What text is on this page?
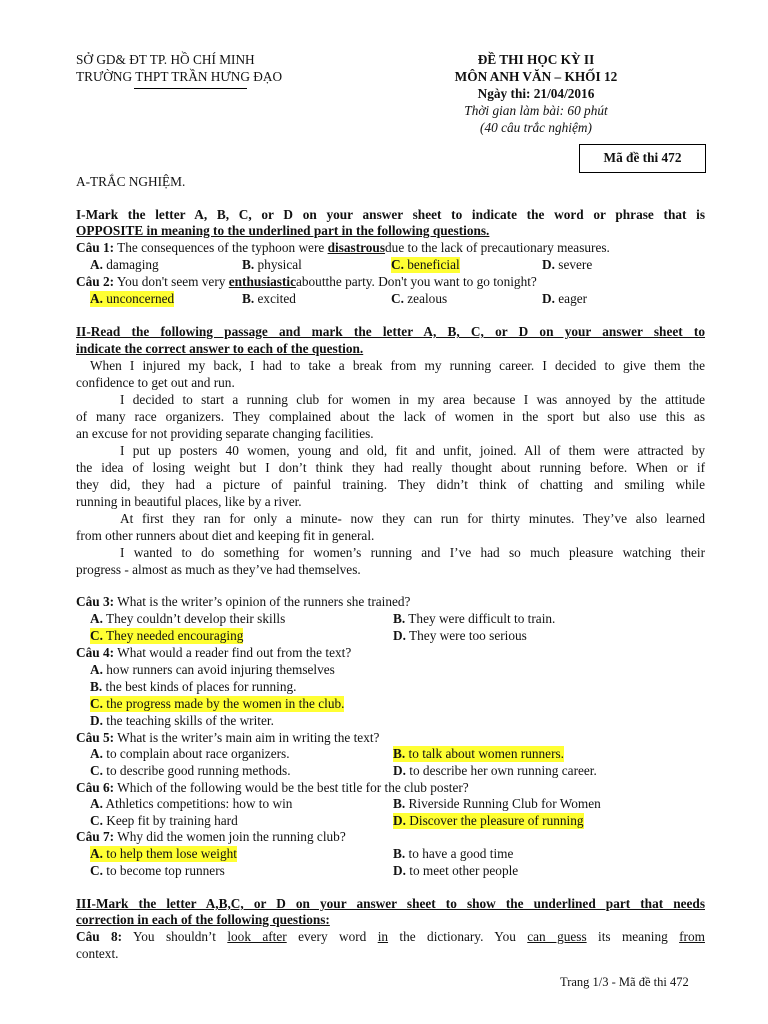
SỞ GD& ĐT TP. HỒ CHÍ MINH
TRƯỜNG THPT TRẦN HƯNG ĐẠO
ĐỀ THI HỌC KỲ II
MÔN ANH VĂN – KHỐI 12
Ngày thi: 21/04/2016
Thời gian làm bài: 60 phút
(40 câu trắc nghiệm)
Mã đề thi 472
A-TRẮC NGHIỆM.
I-Mark the letter A, B, C, or D on your answer sheet to indicate the word or phrase that is
OPPOSITE in meaning to the underlined part in the following questions.
Câu 1: The consequences of the typhoon were disastrousdue to the lack of precautionary measures.
A. damaging	B. physical	C. beneficial	D. severe
Câu 2: You don't seem very enthusiasticaboutthe party. Don't you want to go tonight?
A. unconcerned	B. excited	C. zealous	D. eager
II-Read the following passage and mark the letter A, B, C, or D on your answer sheet to
indicate the correct answer to each of the question.
When I injured my back, I had to take a break from my running career. I decided to give them the
confidence to get out and run.
I decided to start a running club for women in my area because I was annoyed by the attitude
of many race organizers. They complained about the lack of women in the sport but also use this as
an excuse for not providing separate changing facilities.
I put up posters 40 women, young and old, fit and unfit, joined. All of them were attracted by
the idea of losing weight but I don’t think they had really thought about running before. When or if
they did, they had a picture of painful training. They didn’t think of chatting and smiling while
running in beautiful places, like by a river.
At first they ran for only a minute- now they can run for thirty minutes. They’ve also learned
from other runners about diet and keeping fit in general.
I wanted to do something for women’s running and I’ve had so much pleasure watching their
progress - almost as much as they’ve had themselves.
Câu 3: What is the writer’s opinion of the runners she trained?
A. They couldn’t develop their skills	B. They were difficult to train.
C. They needed encouraging	D. They were too serious
Câu 4: What would a reader find out from the text?
A. how runners can avoid injuring themselves
B. the best kinds of places for running.
C. the progress made by the women in the club.
D. the teaching skills of the writer.
Câu 5: What is the writer’s main aim in writing the text?
A. to complain about race organizers.	B. to talk about women runners.
C. to describe good running methods.	D. to describe her own running career.
Câu 6: Which of the following would be the best title for the club poster?
A. Athletics competitions: how to win	B. Riverside Running Club for Women
C. Keep fit by training hard	D. Discover the pleasure of running
Câu 7: Why did the women join the running club?
A. to help them lose weight	B. to have a good time
C. to become top runners	D. to meet other people
III-Mark the letter A,B,C, or D on your answer sheet to show the underlined part that needs
correction in each of the following questions:
Câu 8: You shouldn’t look after every word in the dictionary. You can guess its meaning from
context.
Trang 1/3 - Mã đề thi 472
